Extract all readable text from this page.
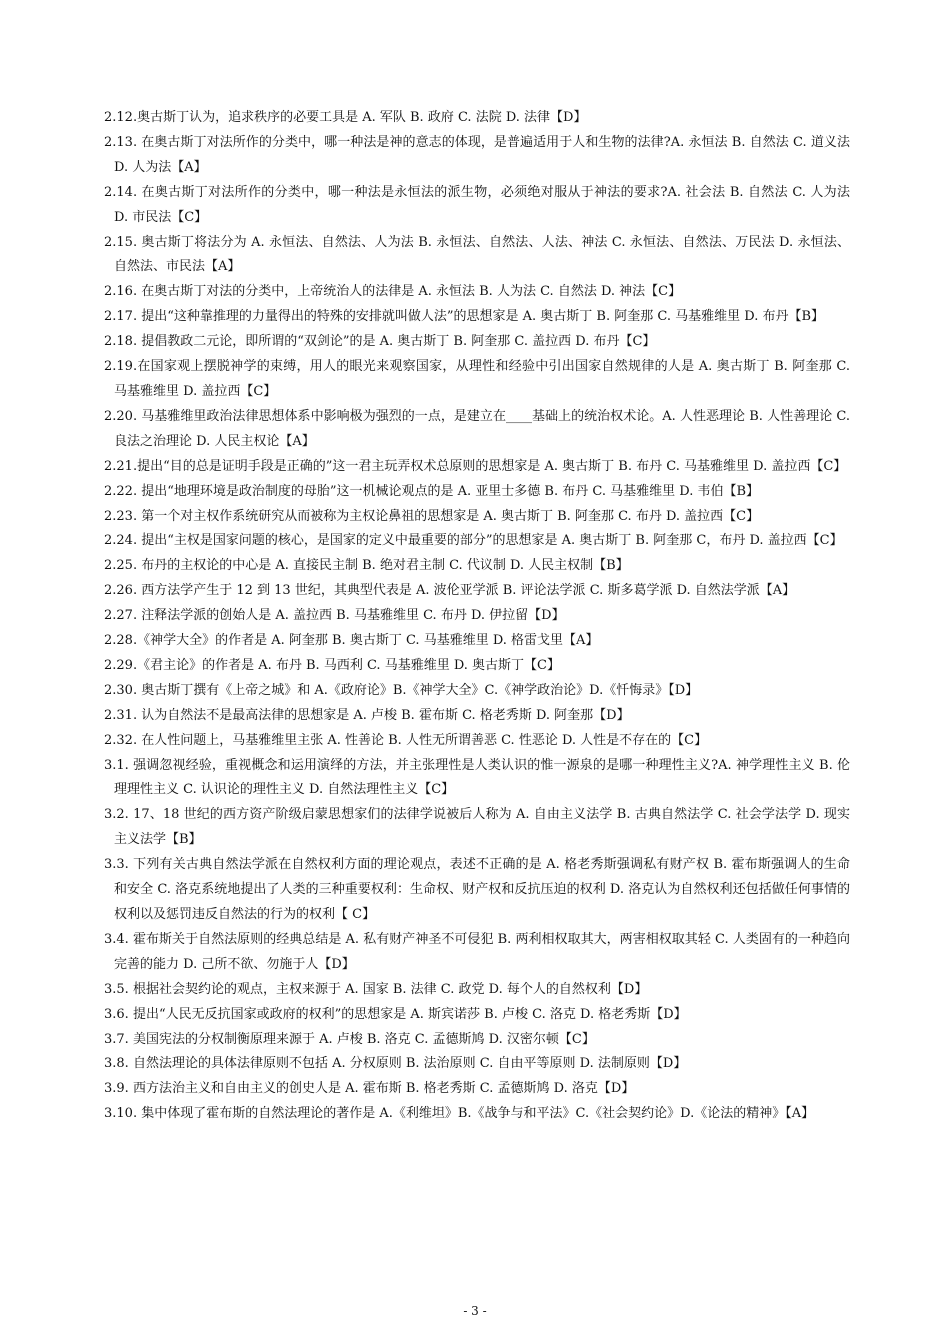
2.12.奥古斯丁认为，追求秩序的必要工具是 A. 军队 B. 政府 C. 法院 D. 法律【D】

2.13. 在奥古斯丁对法所作的分类中，哪一种法是神的意志的体现，是普遍适用于人和生物的法律?A. 永恒法 B. 自然法 C. 道义法 D. 人为法【A】

2.14. 在奥古斯丁对法所作的分类中，哪一种法是永恒法的派生物，必须绝对服从于神法的要求?A. 社会法 B. 自然法 C. 人为法 D. 市民法【C】

2.15. 奥古斯丁将法分为 A. 永恒法、自然法、人为法 B. 永恒法、自然法、人法、神法 C. 永恒法、自然法、万民法 D. 永恒法、自然法、市民法【A】

2.16. 在奥古斯丁对法的分类中，上帝统治人的法律是 A. 永恒法 B. 人为法 C. 自然法 D. 神法【C】

2.17. 提出“这种靠推理的力量得出的特殊的安排就叫做人法”的思想家是 A. 奥古斯丁 B. 阿奎那 C. 马基雅维里 D. 布丹【B】

2.18. 提倡教政二元论，即所谓的“双剑论”的是 A. 奥古斯丁 B. 阿奎那 C. 盖拉西 D. 布丹【C】

2.19.在国家观上摆脱神学的束缚，用人的眼光来观察国家，从理性和经验中引出国家自然规律的人是 A. 奥古斯丁 B. 阿奎那 C. 马基雅维里 D. 盖拉西【C】

2.20. 马基雅维里政治法律思想体系中影响极为强烈的一点，是建立在____基础上的统治权术论。A. 人性恶理论 B. 人性善理论 C. 良法之治理论 D. 人民主权论【A】

2.21.提出“目的总是证明手段是正确的”这一君主玩弄权术总原则的思想家是 A. 奥古斯丁 B. 布丹 C. 马基雅维里 D. 盖拉西【C】

2.22. 提出“地理环境是政治制度的母胎”这一机械论观点的是 A. 亚里士多德 B. 布丹 C. 马基雅维里 D. 韦伯【B】

2.23. 第一个对主权作系统研究从而被称为主权论鼻祖的思想家是 A. 奥古斯丁 B. 阿奎那 C. 布丹 D. 盖拉西【C】

2.24. 提出“主权是国家问题的核心，是国家的定义中最重要的部分”的思想家是 A. 奥古斯丁 B. 阿奎那 C，布丹 D. 盖拉西【C】

2.25. 布丹的主权论的中心是 A. 直接民主制 B. 绝对君主制 C. 代议制 D. 人民主权制【B】

2.26. 西方法学产生于 12 到 13 世纪，其典型代表是 A. 波伦亚学派 B. 评论法学派 C. 斯多葛学派 D. 自然法学派【A】

2.27. 注释法学派的创始人是 A. 盖拉西 B. 马基雅维里 C. 布丹 D. 伊拉留【D】

2.28.《神学大全》的作者是 A. 阿奎那 B. 奥古斯丁 C. 马基雅维里 D. 格雷戈里【A】

2.29.《君主论》的作者是 A. 布丹 B. 马西利 C. 马基雅维里 D. 奥古斯丁【C】

2.30. 奥古斯丁撰有《上帝之城》和 A.《政府论》B.《神学大全》C.《神学政治论》D.《忏悔录》【D】

2.31. 认为自然法不是最高法律的思想家是 A. 卢梭 B. 霍布斯 C. 格老秀斯 D. 阿奎那【D】

2.32. 在人性问题上，马基雅维里主张 A. 性善论 B. 人性无所谓善恶 C. 性恶论 D. 人性是不存在的【C】

3.1. 强调忽视经验，重视概念和运用演绎的方法，并主张理性是人类认识的惟一源泉的是哪一种理性主义?A. 神学理性主义 B. 伦理理性主义 C. 认识论的理性主义 D. 自然法理性主义【C】

3.2. 17、18 世纪的西方资产阶级启蒙思想家们的法律学说被后人称为 A. 自由主义法学 B. 古典自然法学 C. 社会学法学 D. 现实主义法学【B】

3.3. 下列有关古典自然法学派在自然权利方面的理论观点，表述不正确的是 A. 格老秀斯强调私有财产权 B. 霍布斯强调人的生命和安全 C. 洛克系统地提出了人类的三种重要权利：生命权、财产权和反抗压迫的权利 D. 洛克认为自然权利还包括做任何事情的权利以及惩罚违反自然法的行为的权利【 C】

3.4. 霍布斯关于自然法原则的经典总结是 A. 私有财产神圣不可侵犯 B. 两利相权取其大，两害相权取其轻 C. 人类固有的一种趋向完善的能力 D. 己所不欲、勿施于人【D】

3.5. 根据社会契约论的观点，主权来源于 A. 国家 B. 法律 C. 政党 D. 每个人的自然权利【D】

3.6. 提出“人民无反抗国家或政府的权利”的思想家是 A. 斯宾诺莎 B. 卢梭 C. 洛克 D. 格老秀斯【D】

3.7. 美国宪法的分权制衡原理来源于 A. 卢梭 B. 洛克 C. 孟德斯鸠 D. 汉密尔顿【C】

3.8. 自然法理论的具体法律原则不包括 A. 分权原则 B. 法治原则 C. 自由平等原则 D. 法制原则【D】

3.9. 西方法治主义和自由主义的创史人是 A. 霍布斯 B. 格老秀斯 C. 孟德斯鸠 D. 洛克【D】

3.10. 集中体现了霍布斯的自然法理论的著作是 A.《利维坦》B.《战争与和平法》C.《社会契约论》D.《论法的精神》【A】

- 3 -
